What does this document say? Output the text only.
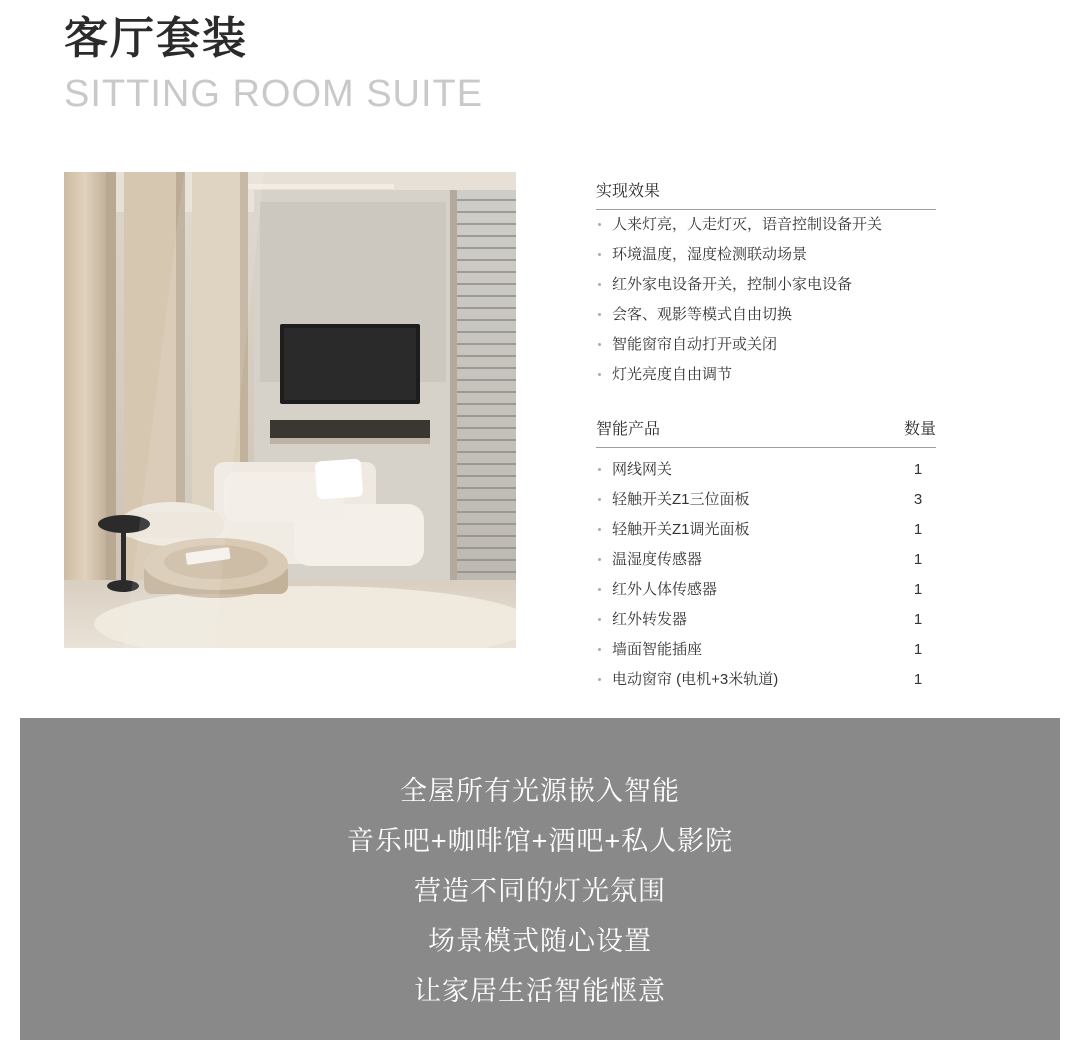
客厅套装
SITTING ROOM SUITE
实现效果
人来灯亮，人走灯灭，语音控制设备开关
环境温度，湿度检测联动场景
红外家电设备开关，控制小家电设备
会客、观影等模式自由切换
智能窗帘自动打开或关闭
灯光亮度自由调节
智能产品	数量
网线网关	1
轻触开关Z1三位面板	3
轻触开关Z1调光面板	1
温湿度传感器	1
红外人体传感器	1
红外转发器	1
墙面智能插座	1
电动窗帘 (电机+3米轨道)	1
全屋所有光源嵌入智能
音乐吧+咖啡馆+酒吧+私人影院
营造不同的灯光氛围
场景模式随心设置
让家居生活智能惬意
